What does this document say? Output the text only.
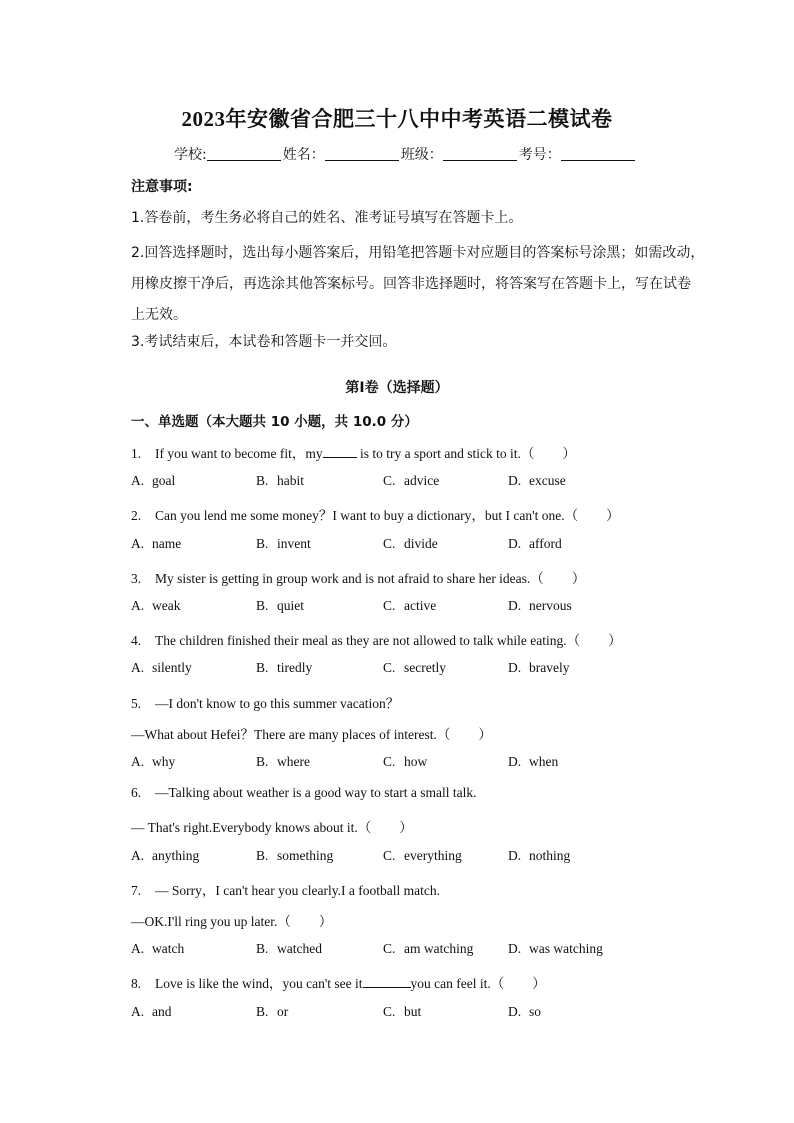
2023年安徽省合肥三十八中中考英语二模试卷
学校:	姓名：	班级：	考号：
注意事项:
1.答卷前，考生务必将自己的姓名、准考证号填写在答题卡上。
2.回答选择题时，选出每小题答案后，用铅笔把答题卡对应题目的答案标号涂黑；如需改动，
用橡皮擦干净后，再选涂其他答案标号。回答非选择题时，将答案写在答题卡上，写在试卷
上无效。
3.考试结束后，本试卷和答题卡一并交回。
第I卷（选择题）
一、单选题（本大题共 10 小题，共 10.0 分）
1. If you want to become fit，my	is to try a sport and stick to it.（ ）
A. goal	B. habit	C. advice	D. excuse
2. Can you lend me some money？I want to buy a dictionary，but I can't one.（ ）
A. name	B. invent	C. divide	D. afford
3. My sister is getting in group work and is not afraid to share her ideas.（ ）
A. weak	B. quiet	C. active	D. nervous
4. The children finished their meal as they are not allowed to talk while eating.（ ）
A. silently	B. tiredly	C. secretly	D. bravely
5. —I don't know to go this summer vacation？
—What about Hefei？There are many places of interest.（ ）
A. why	B. where	C. how	D. when
6. —Talking about weather is a good way to start a small talk.
— That's right.Everybody knows about it.（ ）
A. anything	B. something	C. everything	D. nothing
7. — Sorry，I can't hear you clearly.I a football match.
—OK.I'll ring you up later.（ ）
A. watch	B. watched	C. am watching	D. was watching
8. Love is like the wind，you can't see it	you can feel it.（ ）
A.and	B.or	C.but	D.so
